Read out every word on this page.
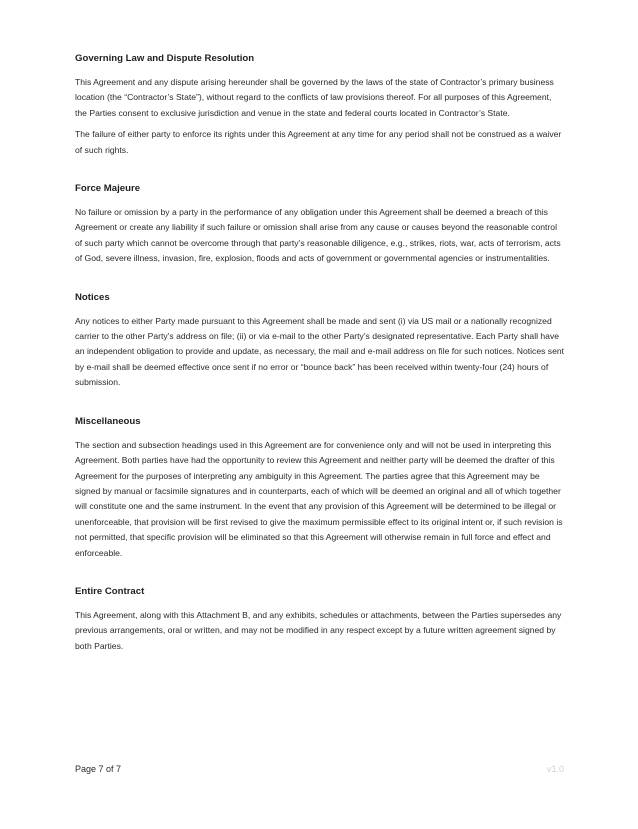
Governing Law and Dispute Resolution

This Agreement and any dispute arising hereunder shall be governed by the laws of the state of Contractor’s primary business location (the “Contractor’s State”), without regard to the conflicts of law provisions thereof. For all purposes of this Agreement, the Parties consent to exclusive jurisdiction and venue in the state and federal courts located in Contractor’s State.

The failure of either party to enforce its rights under this Agreement at any time for any period shall not be construed as a waiver of such rights.

Force Majeure

No failure or omission by a party in the performance of any obligation under this Agreement shall be deemed a breach of this Agreement or create any liability if such failure or omission shall arise from any cause or causes beyond the reasonable control of such party which cannot be overcome through that party’s reasonable diligence, e.g., strikes, riots, war, acts of terrorism, acts of God, severe illness, invasion, fire, explosion, floods and acts of government or governmental agencies or instrumentalities.

Notices

Any notices to either Party made pursuant to this Agreement shall be made and sent (i) via US mail or a nationally recognized carrier to the other Party’s address on file; (ii) or via e-mail to the other Party’s designated representative. Each Party shall have an independent obligation to provide and update, as necessary, the mail and e-mail address on file for such notices. Notices sent by e-mail shall be deemed effective once sent if no error or “bounce back” has been received within twenty-four (24) hours of submission.

Miscellaneous

The section and subsection headings used in this Agreement are for convenience only and will not be used in interpreting this Agreement. Both parties have had the opportunity to review this Agreement and neither party will be deemed the drafter of this Agreement for the purposes of interpreting any ambiguity in this Agreement. The parties agree that this Agreement may be signed by manual or facsimile signatures and in counterparts, each of which will be deemed an original and all of which together will constitute one and the same instrument. In the event that any provision of this Agreement will be determined to be illegal or unenforceable, that provision will be first revised to give the maximum permissible effect to its original intent or, if such revision is not permitted, that specific provision will be eliminated so that this Agreement will otherwise remain in full force and effect and enforceable.

Entire Contract

This Agreement, along with this Attachment B, and any exhibits, schedules or attachments, between the Parties supersedes any previous arrangements, oral or written, and may not be modified in any respect except by a future written agreement signed by both Parties.

Page 7 of 7	v1.0
